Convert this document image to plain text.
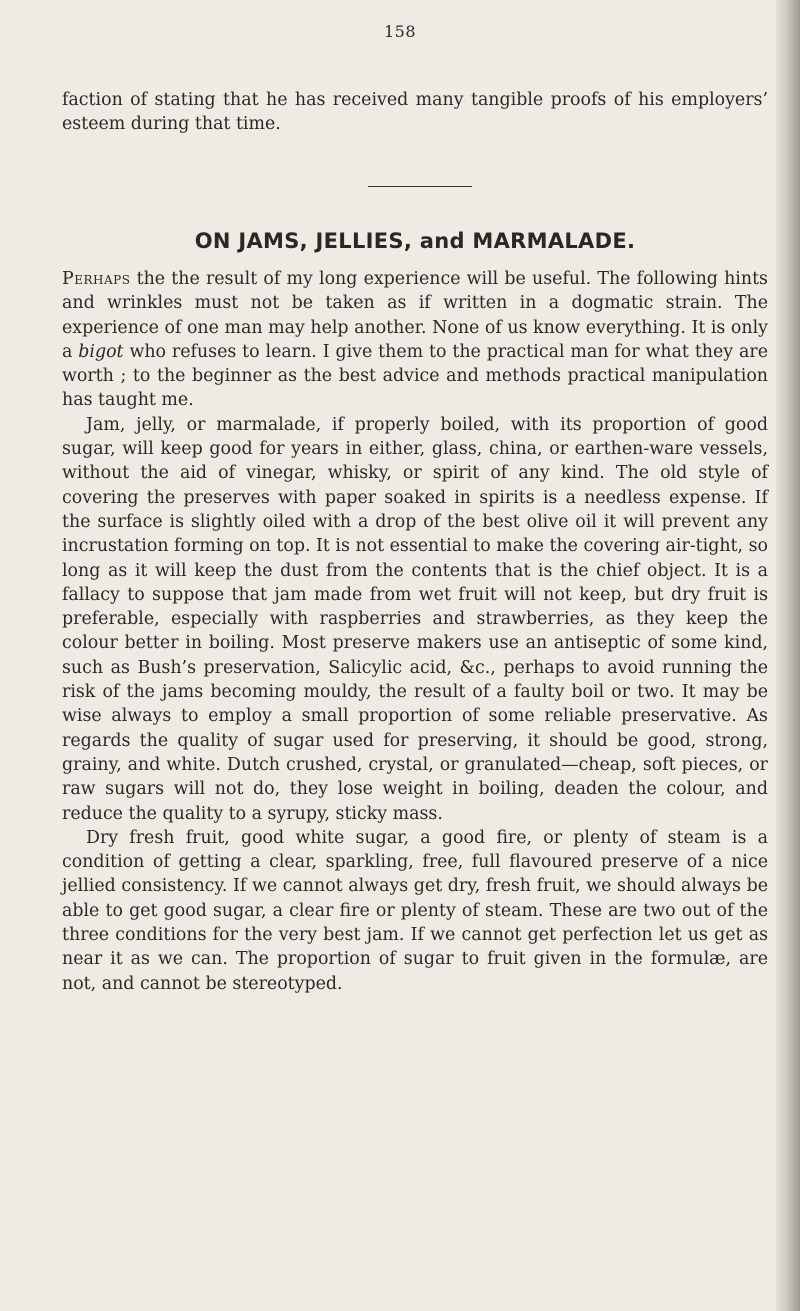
158

faction of stating that he has received many tangible proofs of his employers’ esteem during that time.

ON JAMS, JELLIES, and MARMALADE.

Perhaps the the result of my long experience will be useful. The following hints and wrinkles must not be taken as if written in a dogmatic strain. The experience of one man may help another. None of us know everything. It is only a bigot who refuses to learn. I give them to the practical man for what they are worth ; to the beginner as the best advice and methods practical manipulation has taught me.

Jam, jelly, or marmalade, if properly boiled, with its proportion of good sugar, will keep good for years in either, glass, china, or earthen-ware vessels, without the aid of vinegar, whisky, or spirit of any kind. The old style of covering the preserves with paper soaked in spirits is a needless expense. If the surface is slightly oiled with a drop of the best olive oil it will prevent any incrustation forming on top. It is not essential to make the covering air-tight, so long as it will keep the dust from the contents that is the chief object. It is a fallacy to suppose that jam made from wet fruit will not keep, but dry fruit is preferable, especially with raspberries and strawberries, as they keep the colour better in boiling. Most preserve makers use an antiseptic of some kind, such as Bush’s preservation, Salicylic acid, &c., perhaps to avoid running the risk of the jams becoming mouldy, the result of a faulty boil or two. It may be wise always to employ a small proportion of some reliable preservative. As regards the quality of sugar used for preserving, it should be good, strong, grainy, and white. Dutch crushed, crystal, or granulated—cheap, soft pieces, or raw sugars will not do, they lose weight in boiling, deaden the colour, and reduce the quality to a syrupy, sticky mass.

Dry fresh fruit, good white sugar, a good fire, or plenty of steam is a condition of getting a clear, sparkling, free, full flavoured preserve of a nice jellied consistency. If we cannot always get dry, fresh fruit, we should always be able to get good sugar, a clear fire or plenty of steam. These are two out of the three conditions for the very best jam. If we cannot get perfection let us get as near it as we can. The proportion of sugar to fruit given in the formulæ, are not, and cannot be stereotyped.
